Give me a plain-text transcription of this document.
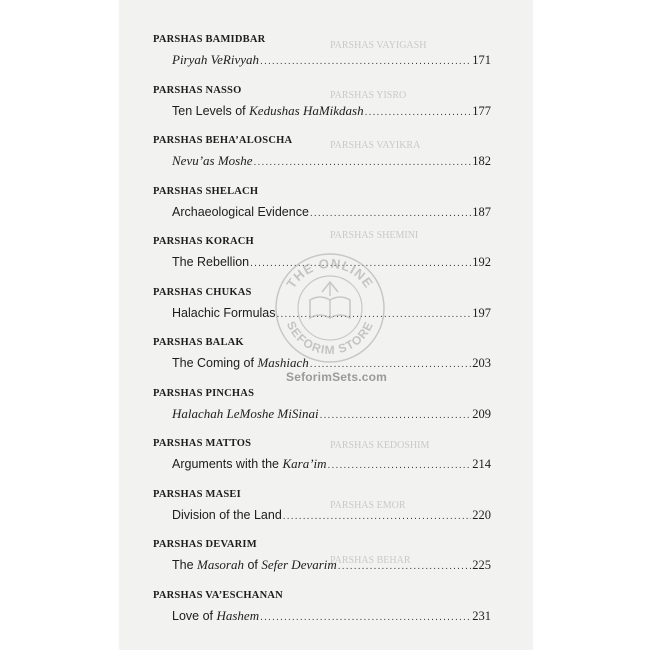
PARSHAS BAMIDBAR
Piryah VeRivyah .....	171
PARSHAS NASSO
Ten Levels of Kedushas HaMikdash .....	177
PARSHAS BEHA’ALOSCHA
Nevu’as Moshe .....	182
PARSHAS SHELACH
Archaeological Evidence .....	187
PARSHAS KORACH
The Rebellion .....	192
PARSHAS CHUKAS
Halachic Formulas .....	197
PARSHAS BALAK
The Coming of Mashiach .....	203
PARSHAS PINCHAS
Halachah LeMoshe MiSinai .....	209
PARSHAS MATTOS
Arguments with the Kara’im .....	214
PARSHAS MASEI
Division of the Land .....	220
PARSHAS DEVARIM
The Masorah of Sefer Devarim .....	225
PARSHAS VA’ESCHANAN
Love of Hashem .....	231
THE ONLINE
SEFORIM STORE
SeforimSets.com
PARSHAS VAYIGASH
PARSHAS YISRO
PARSHAS VAYIKRA
PARSHAS SHEMINI
PARSHAS KEDOSHIM
PARSHAS EMOR
PARSHAS BEHAR
